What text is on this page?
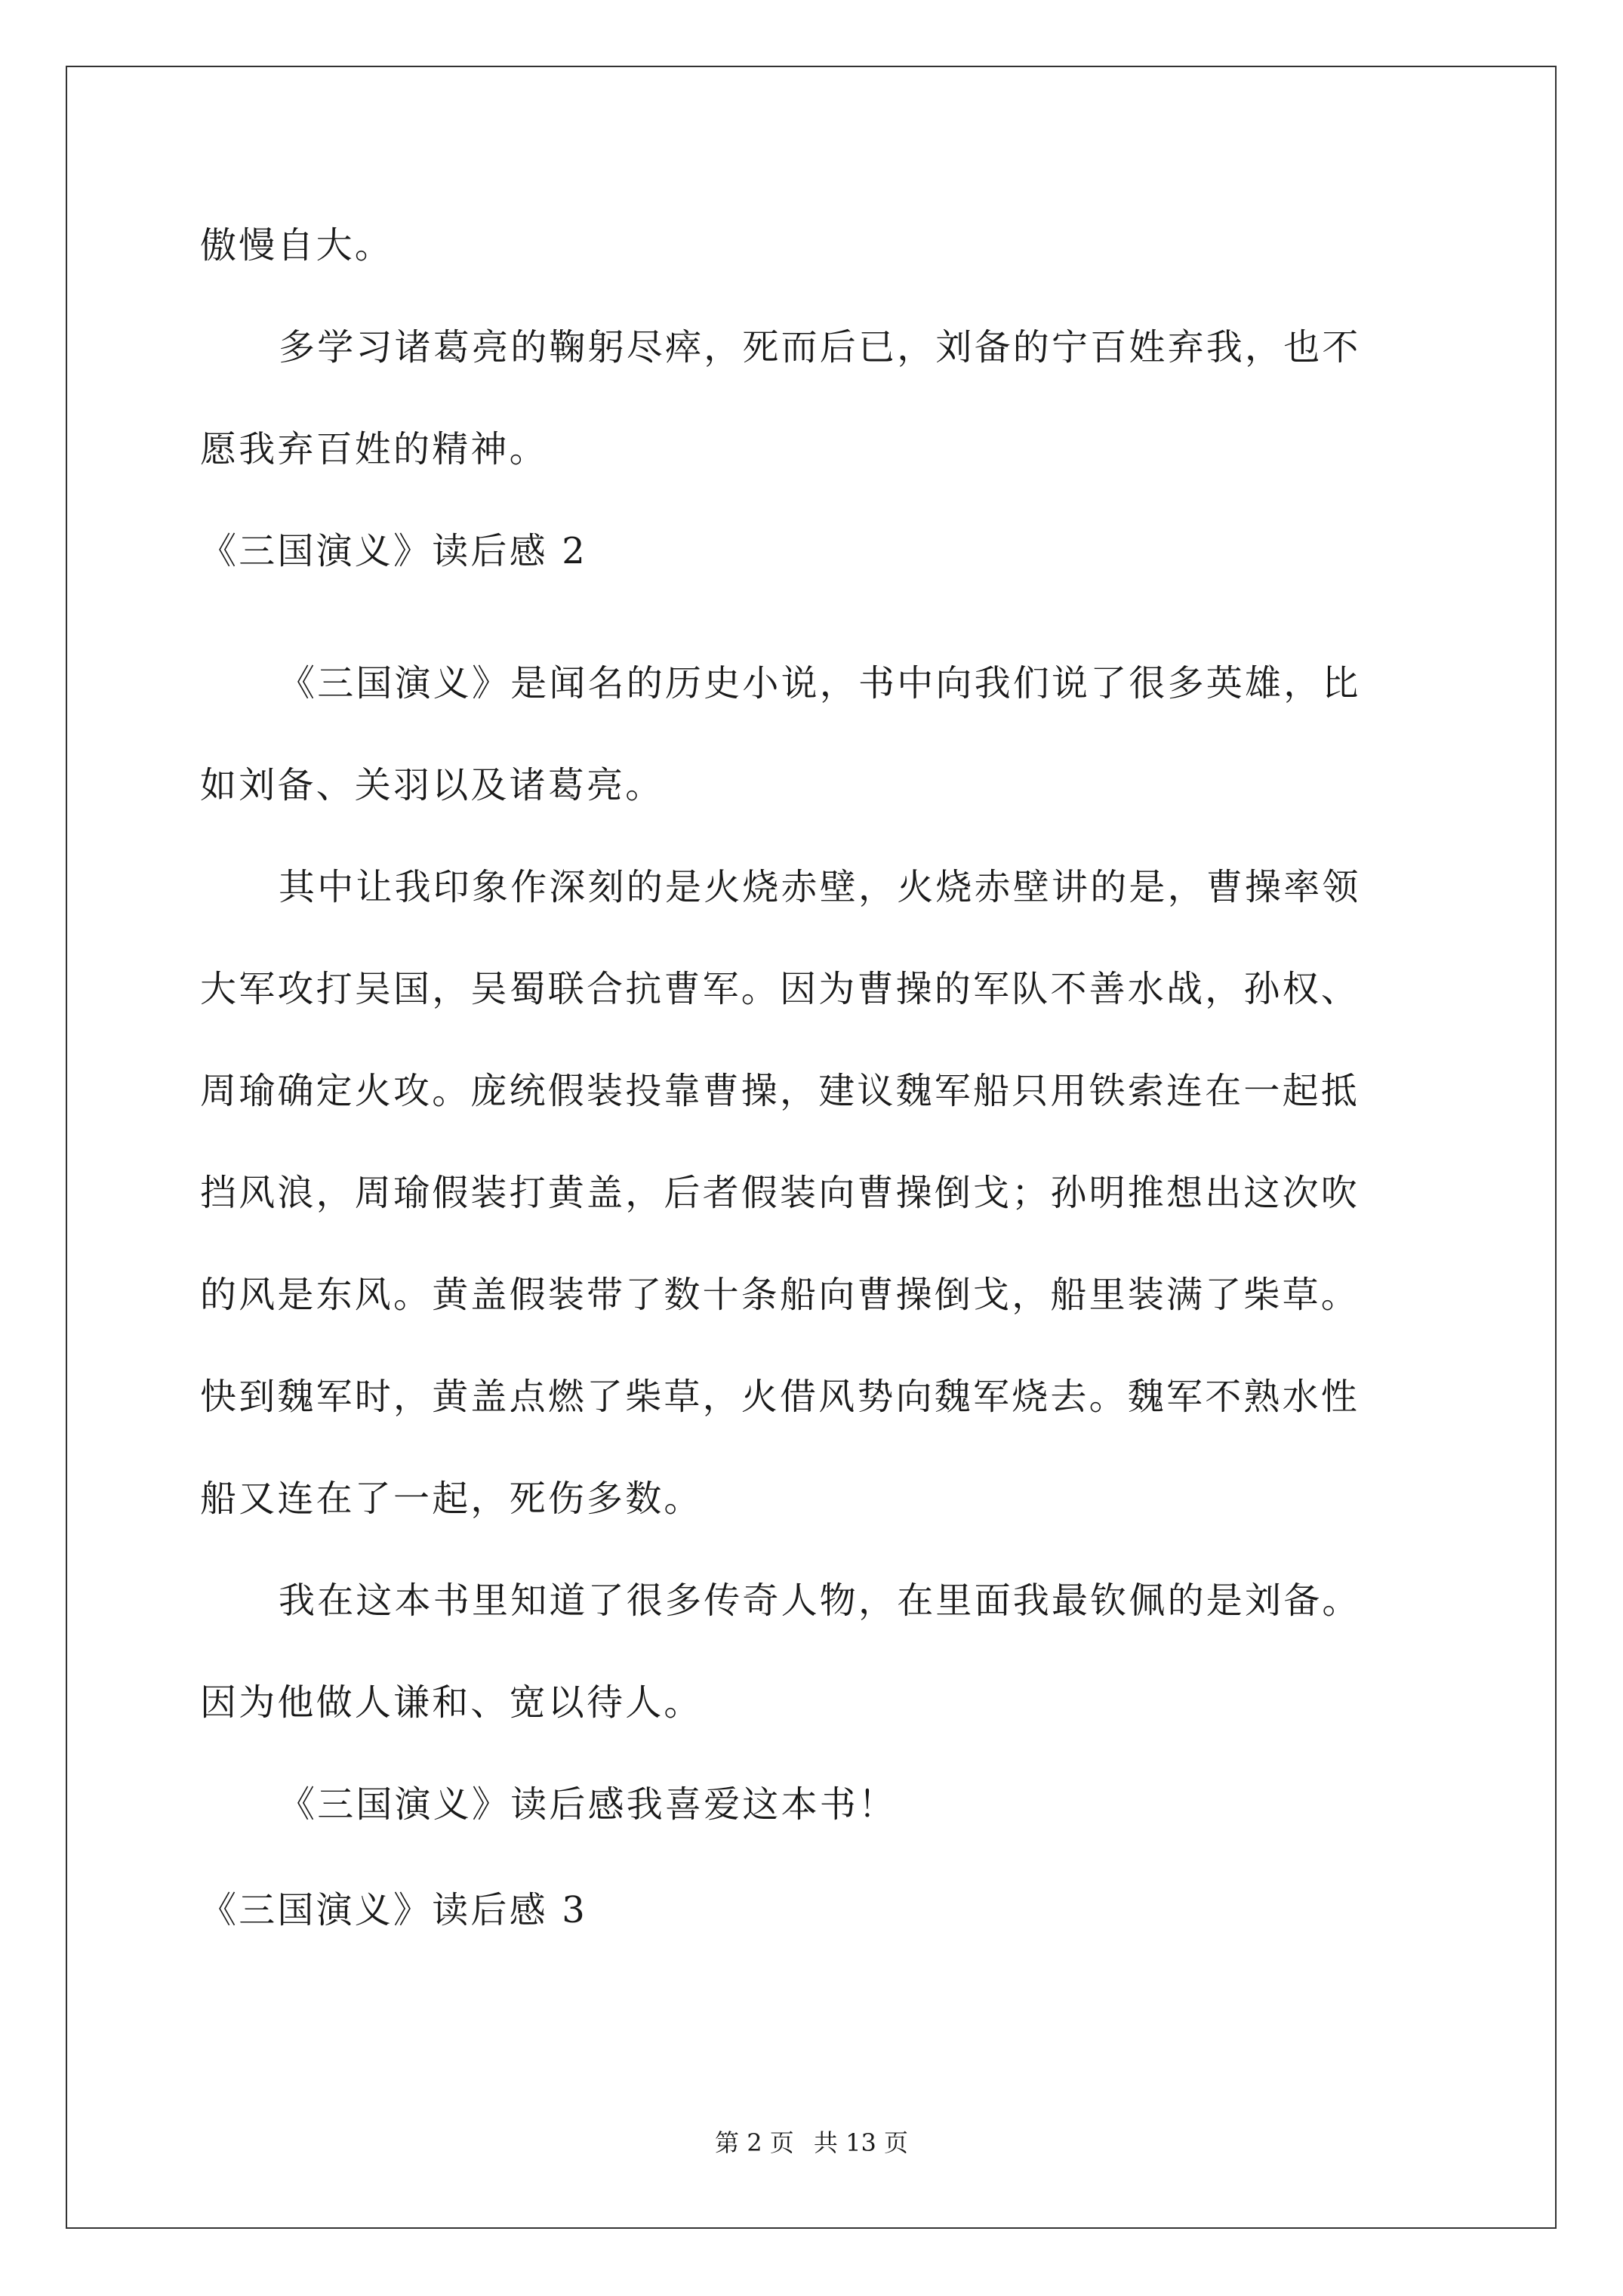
傲慢自大。
多学习诸葛亮的鞠躬尽瘁，死而后已，刘备的宁百姓弃我，也不
愿我弃百姓的精神。
《三国演义》读后感 2
《三国演义》是闻名的历史小说，书中向我们说了很多英雄，比
如刘备、关羽以及诸葛亮。
其中让我印象作深刻的是火烧赤壁，火烧赤壁讲的是，曹操率领
大军攻打吴国，吴蜀联合抗曹军。因为曹操的军队不善水战，孙权、
周瑜确定火攻。庞统假装投靠曹操，建议魏军船只用铁索连在一起抵
挡风浪，周瑜假装打黄盖，后者假装向曹操倒戈；孙明推想出这次吹
的风是东风。黄盖假装带了数十条船向曹操倒戈，船里装满了柴草。
快到魏军时，黄盖点燃了柴草，火借风势向魏军烧去。魏军不熟水性
船又连在了一起，死伤多数。
我在这本书里知道了很多传奇人物，在里面我最钦佩的是刘备。
因为他做人谦和、宽以待人。
《三国演义》读后感我喜爱这本书！
《三国演义》读后感 3
第 2 页 共 13 页
